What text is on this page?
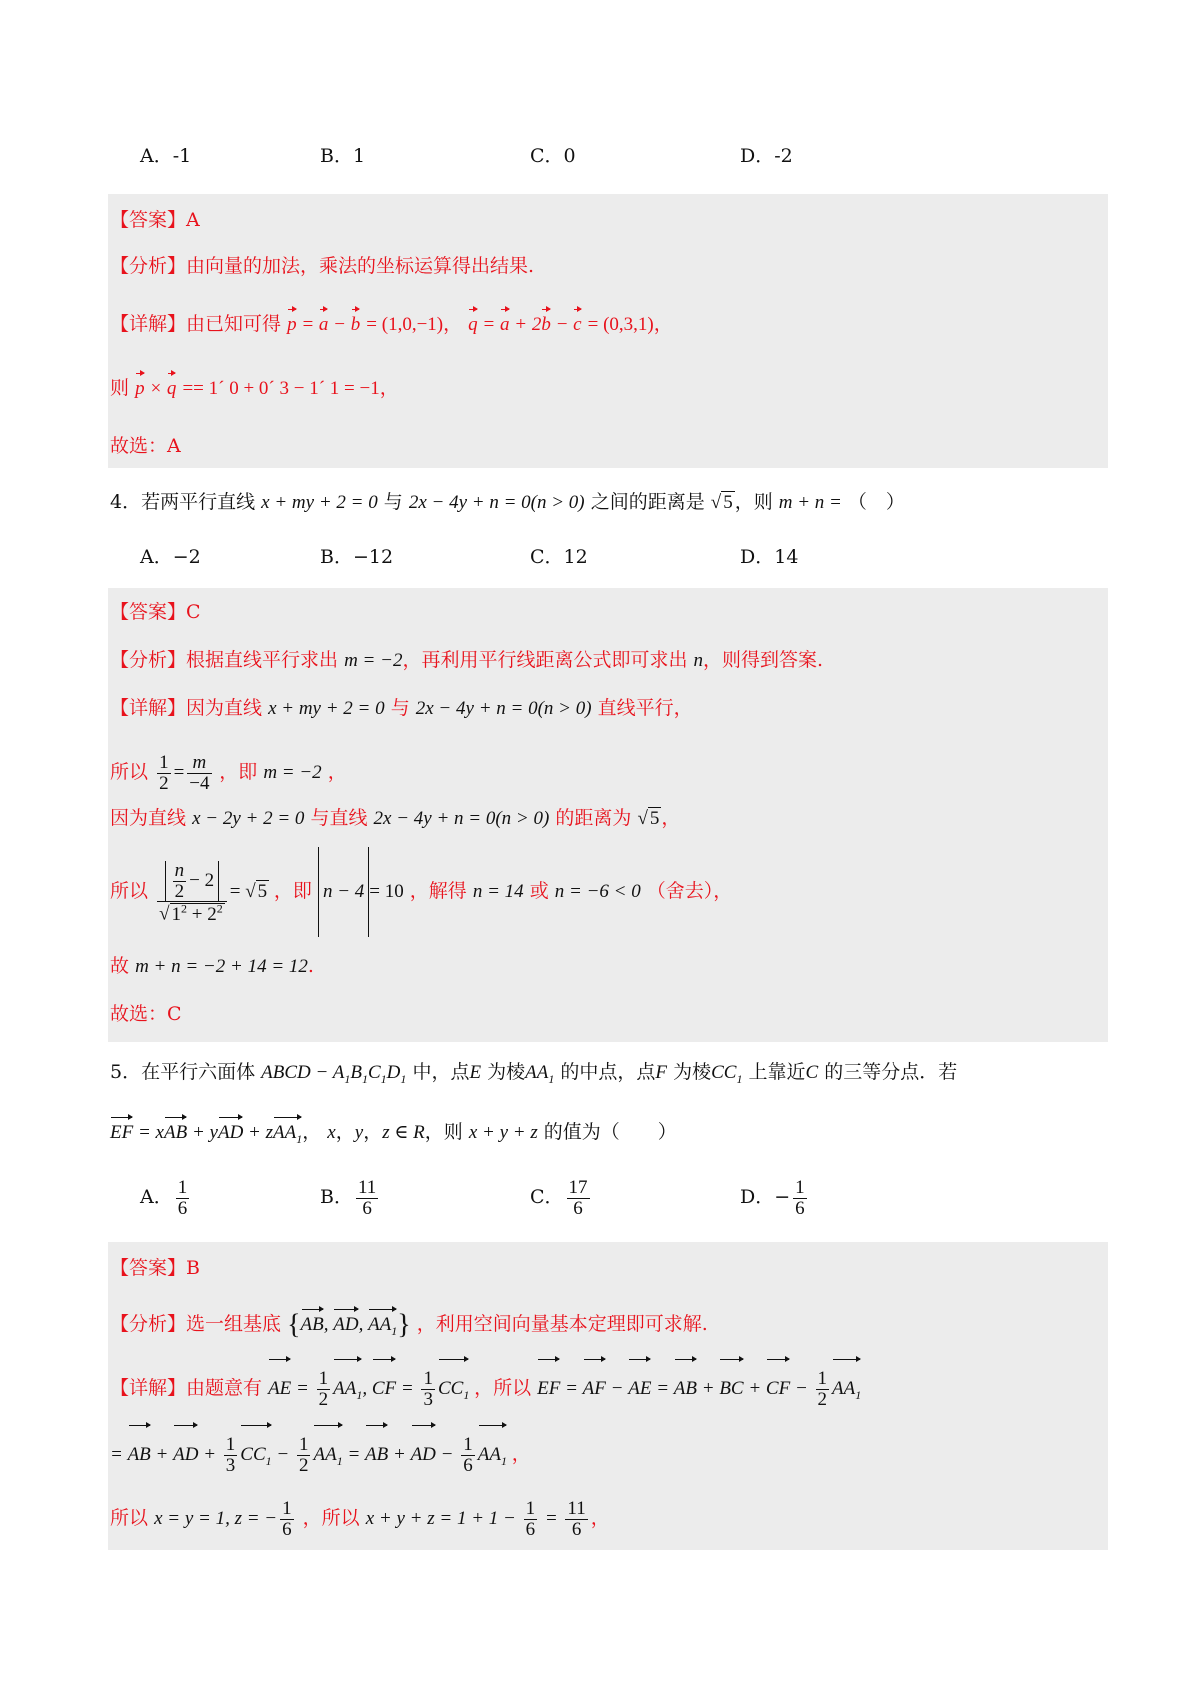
A．-1	B．1	C．0	D．-2
【答案】A
【分析】由向量的加法，乘法的坐标运算得出结果.
【详解】由已知可得 p = a − b = (1,0,−1)， q = a + 2b − c = (0,3,1)，
则 p × q == 1´ 0 + 0´ 3 − 1´ 1 = −1，
故选：A
4．若两平行直线 x + my + 2 = 0 与 2x − 4y + n = 0(n > 0) 之间的距离是 √ 5 ，则 m + n = （　）
A．−2	B．−12	C．12	D．14
【答案】C
【分析】根据直线平行求出 m = −2，再利用平行线距离公式即可求出 n，则得到答案.
【详解】因为直线 x + my + 2 = 0 与 2x − 4y + n = 0(n > 0) 直线平行，
所以 $\frac{1}{2} = \frac{m}{-4}$ ，即 m = −2 ，
因为直线 x − 2y + 2 = 0 与直线 2x − 4y + n = 0(n > 0) 的距离为 √ 5 ，
所以 $\frac{\frac{n}{2} - 2}{√ 1^2 + 2^2}$ = √ 5 ，即 n − 4 = 10 ，解得 n = 14 或 n = −6 < 0 （舍去），
故 m + n = −2 + 14 = 12.
故选：C
5．在平行六面体 ABCD − $A_1B_1C_1D_1$ 中，点E 为棱$AA_1$ 的中点，点F 为棱$CC_1$ 上靠近C 的三等分点．若
EF = xAB + yAD + zAA$_1$， x，y，z ∈ R，则 x + y + z 的值为（　　）
A． $\frac{1}{6}$	B． $\frac{11}{6}$	C． $\frac{17}{6}$	D．− $\frac{1}{6}$
【答案】B
【分析】选一组基底 {AB, AD, $AA_1$} ，利用空间向量基本定理即可求解.
【详解】由题意有 AE = $\frac{1}{2} AA_1$, CF = $\frac{1}{3} CC_1$ ，所以 EF = AF − AE = AB + BC + CF − $\frac{1}{2} AA_1$
= AB + AD + $\frac{1}{3} CC_1 - \frac{1}{2} AA_1$ = AB + AD − $\frac{1}{6} AA_1$ ，
所以 x = y = 1, z = − $\frac{1}{6}$ ，所以 $x + y + z = 1 + 1 - \frac{1}{6} = \frac{11}{6}$ ，
